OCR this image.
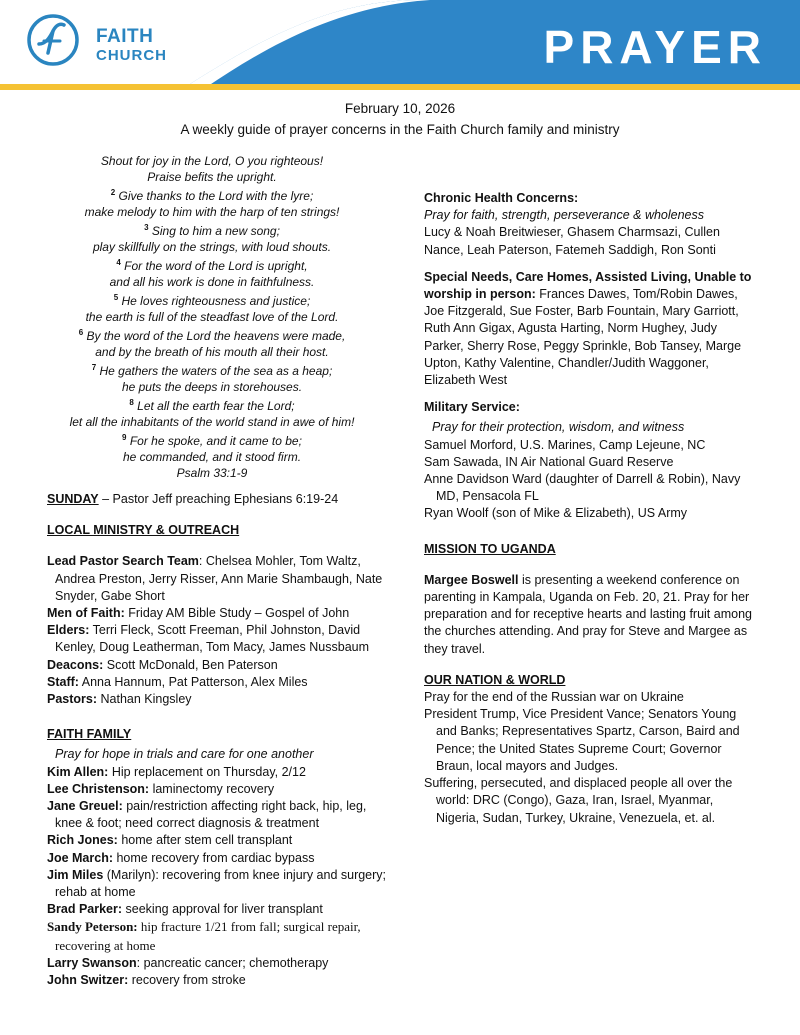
FAITH
CHURCH	PRAYER
February 10, 2026
A weekly guide of prayer concerns in the Faith Church family and ministry
Shout for joy in the Lord, O you righteous!
Praise befits the upright.
$^2$ Give thanks to the Lord with the lyre;
make melody to him with the harp of ten strings!
$^3$ Sing to him a new song;
play skillfully on the strings, with loud shouts.
$^4$ For the word of the Lord is upright,
and all his work is done in faithfulness.
$^5$ He loves righteousness and justice;
the earth is full of the steadfast love of the Lord.
$^6$ By the word of the Lord the heavens were made,
and by the breath of his mouth all their host.
$^7$ He gathers the waters of the sea as a heap;
he puts the deeps in storehouses.
$^8$ Let all the earth fear the Lord;
let all the inhabitants of the world stand in awe of him!
$^9$ For he spoke, and it came to be;
he commanded, and it stood firm.
Psalm 33:1-9

SUNDAY – Pastor Jeff preaching Ephesians 6:19-24

LOCAL MINISTRY & OUTREACH

Lead Pastor Search Team: Chelsea Mohler, Tom Waltz, Andrea Preston, Jerry Risser, Ann Marie Shambaugh, Nate Snyder, Gabe Short

Men of Faith: Friday AM Bible Study – Gospel of John

Elders: Terri Fleck, Scott Freeman, Phil Johnston, David Kenley, Doug Leatherman, Tom Macy, James Nussbaum

Deacons: Scott McDonald, Ben Paterson

Staff: Anna Hannum, Pat Patterson, Alex Miles

Pastors: Nathan Kingsley

FAITH FAMILY

Pray for hope in trials and care for one another

Kim Allen: Hip replacement on Thursday, 2/12

Lee Christenson: laminectomy recovery

Jane Greuel: pain/restriction affecting right back, hip, leg, knee & foot; need correct diagnosis & treatment

Rich Jones: home after stem cell transplant

Joe March: home recovery from cardiac bypass

Jim Miles (Marilyn): recovering from knee injury and surgery; rehab at home

Brad Parker: seeking approval for liver transplant

Sandy Peterson: hip fracture 1/21 from fall; surgical repair, recovering at home

Larry Swanson: pancreatic cancer; chemotherapy

John Switzer: recovery from stroke

Chronic Health Concerns:

Pray for faith, strength, perseverance & wholeness

Lucy & Noah Breitwieser, Ghasem Charmsazi, Cullen Nance, Leah Paterson, Fatemeh Saddigh, Ron Sonti

Special Needs, Care Homes, Assisted Living, Unable to worship in person: Frances Dawes, Tom/Robin Dawes, Joe Fitzgerald, Sue Foster, Barb Fountain, Mary Garriott, Ruth Ann Gigax, Agusta Harting, Norm Hughey, Judy Parker, Sherry Rose, Peggy Sprinkle, Bob Tansey, Marge Upton, Kathy Valentine, Chandler/Judith Waggoner, Elizabeth West

Military Service:

Pray for their protection, wisdom, and witness

Samuel Morford, U.S. Marines, Camp Lejeune, NC

Sam Sawada, IN Air National Guard Reserve

Anne Davidson Ward (daughter of Darrell & Robin), Navy MD, Pensacola FL

Ryan Woolf (son of Mike & Elizabeth), US Army

MISSION TO UGANDA

Margee Boswell is presenting a weekend conference on parenting in Kampala, Uganda on Feb. 20, 21. Pray for her preparation and for receptive hearts and lasting fruit among the churches attending. And pray for Steve and Margee as they travel.

OUR NATION & WORLD

Pray for the end of the Russian war on Ukraine

President Trump, Vice President Vance; Senators Young and Banks; Representatives Spartz, Carson, Baird and Pence; the United States Supreme Court; Governor Braun, local mayors and Judges.

Suffering, persecuted, and displaced people all over the world: DRC (Congo), Gaza, Iran, Israel, Myanmar, Nigeria, Sudan, Turkey, Ukraine, Venezuela, et. al.
